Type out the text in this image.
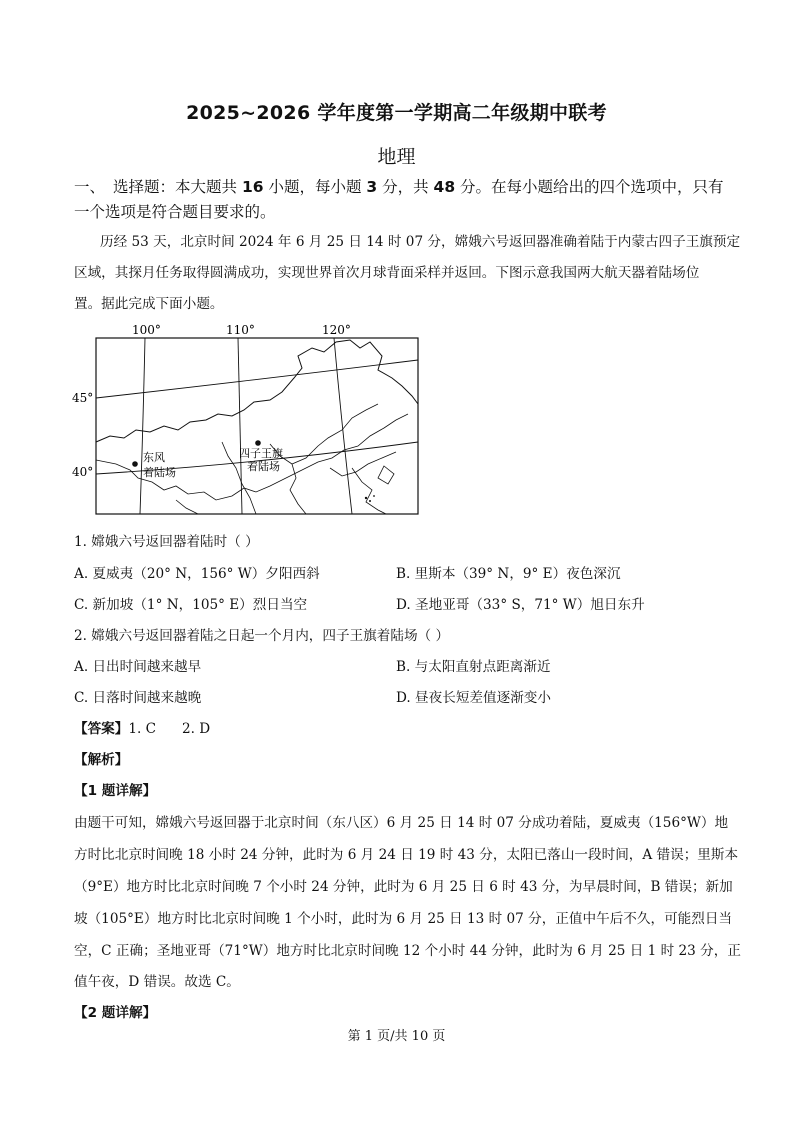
2025~2026 学年度第一学期高二年级期中联考
地理
一、 选择题：本大题共 16 小题，每小题 3 分，共 48 分。在每小题给出的四个选项中，只有
一个选项是符合题目要求的。
历经 53 天，北京时间 2024 年 6 月 25 日 14 时 07 分，嫦娥六号返回器准确着陆于内蒙古四子王旗预定
区域，其探月任务取得圆满成功，实现世界首次月球背面采样并返回。下图示意我国两大航天器着陆场位
置。据此完成下面小题。
100°	110°	120°
45°
40°
东风
着陆场
四子王旗
着陆场
1. 嫦娥六号返回器着陆时（ ）
A. 夏威夷（20° N，156° W）夕阳西斜	B. 里斯本（39° N，9° E）夜色深沉
C. 新加坡（1° N，105° E）烈日当空	D. 圣地亚哥（33° S，71° W）旭日东升
2. 嫦娥六号返回器着陆之日起一个月内，四子王旗着陆场（ ）
A. 日出时间越来越早	B. 与太阳直射点距离渐近
C. 日落时间越来越晚	D. 昼夜长短差值逐渐变小
【答案】1. C      2. D
【解析】
【1 题详解】
由题干可知，嫦娥六号返回器于北京时间（东八区）6 月 25 日 14 时 07 分成功着陆，夏威夷（156°W）地
方时比北京时间晚 18 小时 24 分钟，此时为 6 月 24 日 19 时 43 分，太阳已落山一段时间，A 错误；里斯本
（9°E）地方时比北京时间晚 7 个小时 24 分钟，此时为 6 月 25 日 6 时 43 分，为早晨时间，B 错误；新加
坡（105°E）地方时比北京时间晚 1 个小时，此时为 6 月 25 日 13 时 07 分，正值中午后不久，可能烈日当
空，C 正确；圣地亚哥（71°W）地方时比北京时间晚 12 个小时 44 分钟，此时为 6 月 25 日 1 时 23 分，正
值午夜，D 错误。故选 C。
【2 题详解】
第 1 页/共 10 页
